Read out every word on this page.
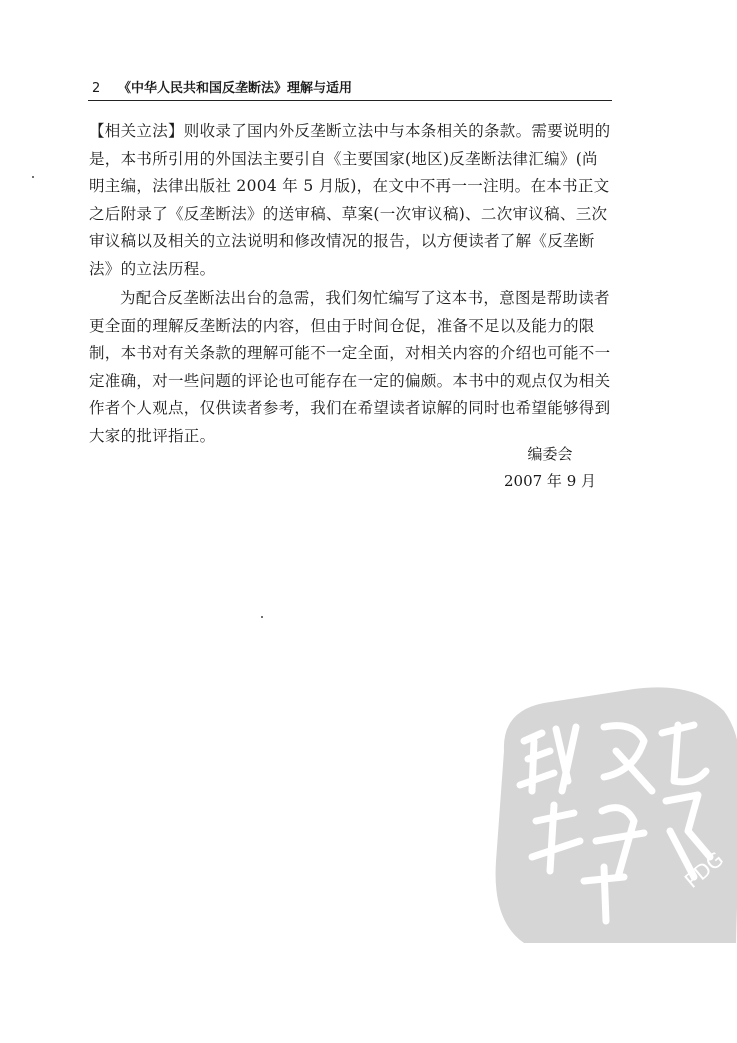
2 《中华人民共和国反垄断法》理解与适用

【相关立法】则收录了国内外反垄断立法中与本条相关的条款。需要说明的是，本书所引用的外国法主要引自《主要国家(地区)反垄断法律汇编》(尚明主编，法律出版社 2004 年 5 月版)，在文中不再一一注明。在本书正文之后附录了《反垄断法》的送审稿、草案(一次审议稿)、二次审议稿、三次审议稿以及相关的立法说明和修改情况的报告，以方便读者了解《反垄断法》的立法历程。

为配合反垄断法出台的急需，我们匆忙编写了这本书，意图是帮助读者更全面的理解反垄断法的内容，但由于时间仓促，准备不足以及能力的限制，本书对有关条款的理解可能不一定全面，对相关内容的介绍也可能不一定准确，对一些问题的评论也可能存在一定的偏颇。本书中的观点仅为相关作者个人观点，仅供读者参考，我们在希望读者谅解的同时也希望能够得到大家的批评指正。

编委会
2007 年 9 月
PDG
